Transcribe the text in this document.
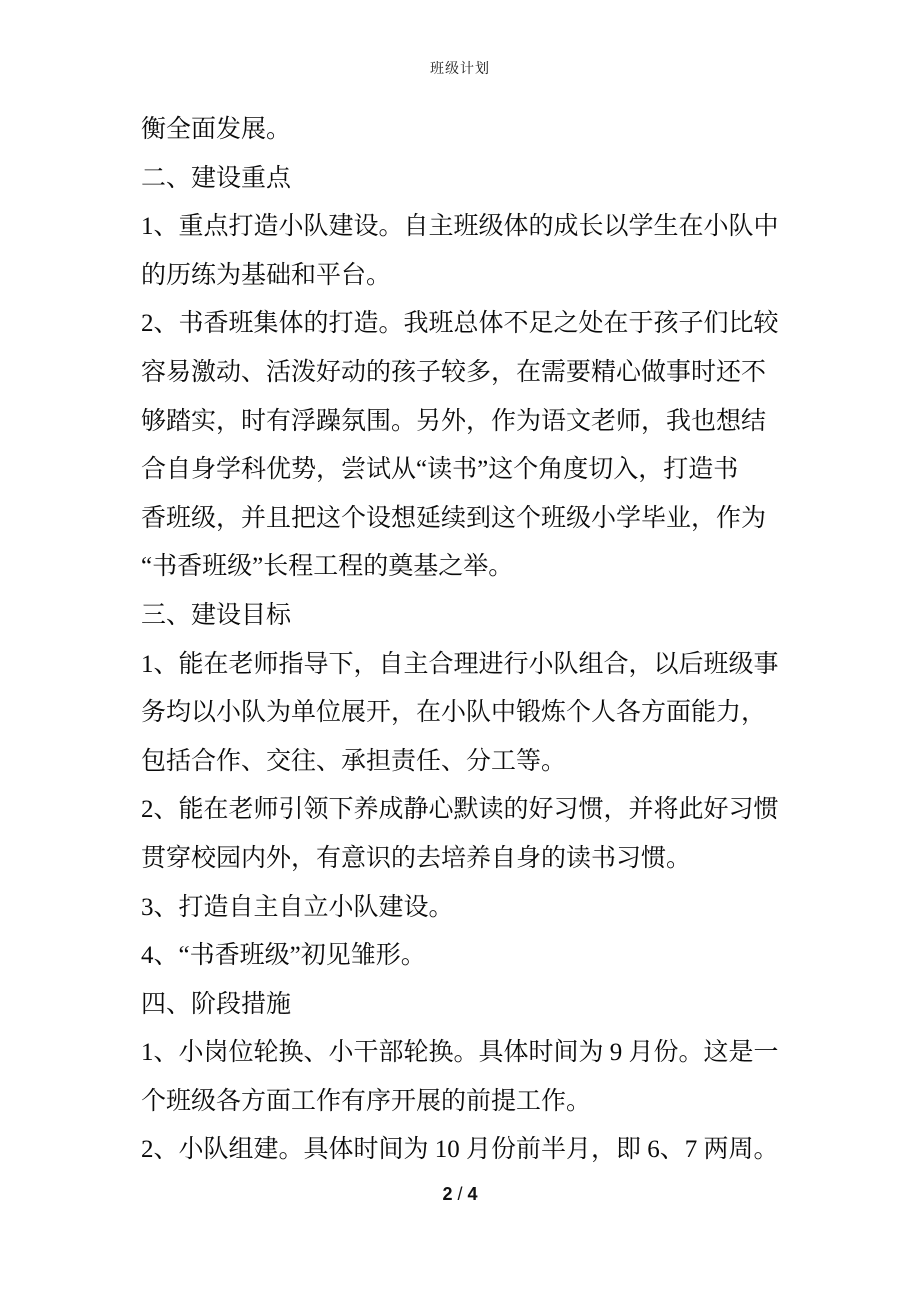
班级计划
衡全面发展。
二、建设重点
1、重点打造小队建设。自主班级体的成长以学生在小队中
的历练为基础和平台。
2、书香班集体的打造。我班总体不足之处在于孩子们比较
容易激动、活泼好动的孩子较多，在需要精心做事时还不
够踏实，时有浮躁氛围。另外，作为语文老师，我也想结
合自身学科优势，尝试从“读书”这个角度切入，打造书
香班级，并且把这个设想延续到这个班级小学毕业，作为
“书香班级”长程工程的奠基之举。
三、建设目标
1、能在老师指导下，自主合理进行小队组合，以后班级事
务均以小队为单位展开，在小队中锻炼个人各方面能力，
包括合作、交往、承担责任、分工等。
2、能在老师引领下养成静心默读的好习惯，并将此好习惯
贯穿校园内外，有意识的去培养自身的读书习惯。
3、打造自主自立小队建设。
4、“书香班级”初见雏形。
四、阶段措施
1、小岗位轮换、小干部轮换。具体时间为 9 月份。这是一
个班级各方面工作有序开展的前提工作。
2、小队组建。具体时间为 10 月份前半月，即 6、7 两周。
2 / 4
